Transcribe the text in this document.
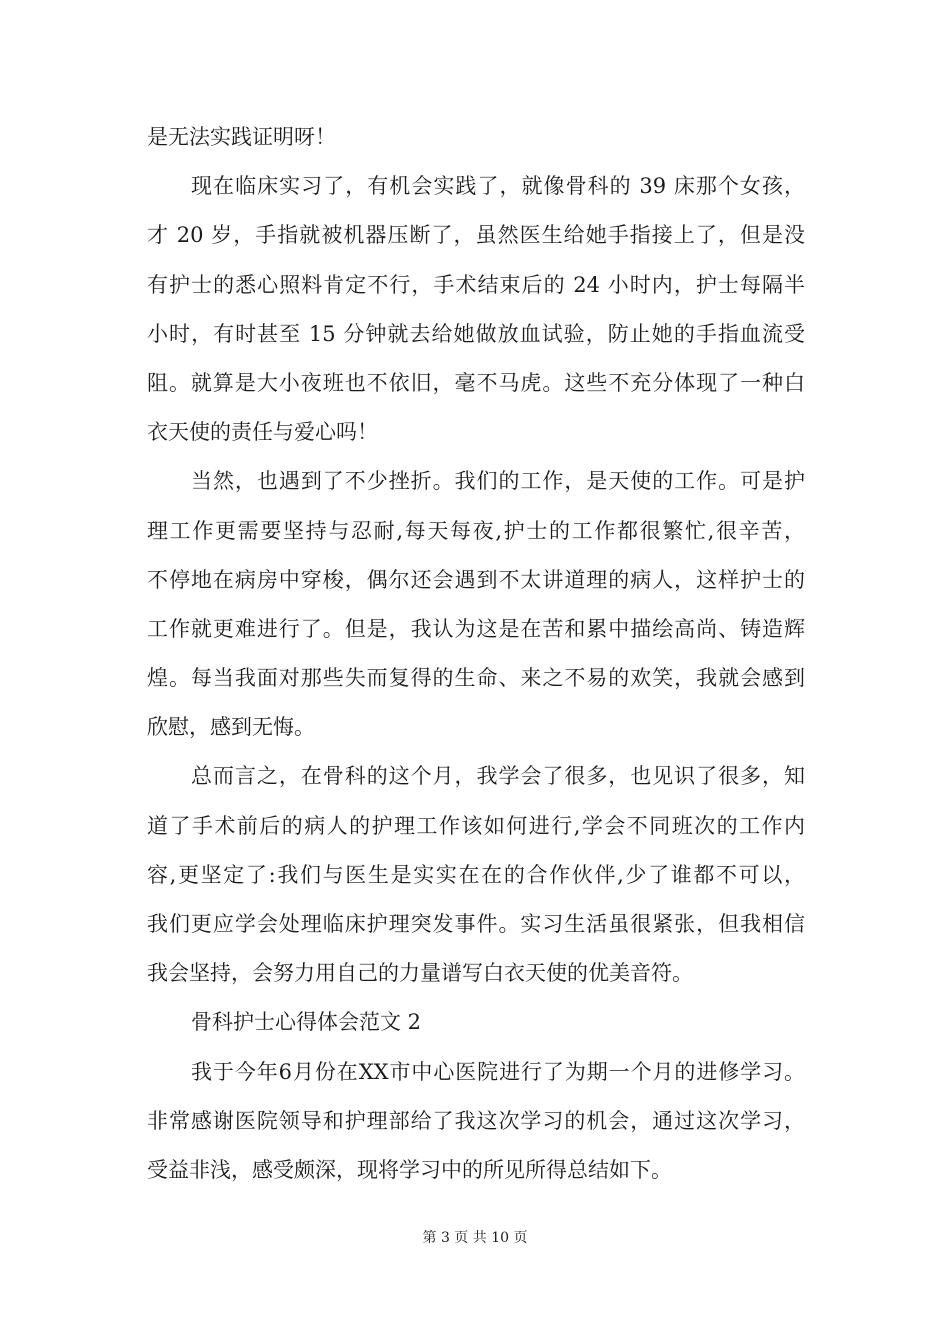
是无法实践证明呀！
现在临床实习了，有机会实践了，就像骨科的 39 床那个女孩，
才 20 岁，手指就被机器压断了，虽然医生给她手指接上了，但是没
有护士的悉心照料肯定不行，手术结束后的 24 小时内，护士每隔半
小时，有时甚至 15 分钟就去给她做放血试验，防止她的手指血流受
阻。就算是大小夜班也不依旧，毫不马虎。这些不充分体现了一种白
衣天使的责任与爱心吗！
当然，也遇到了不少挫折。我们的工作，是天使的工作。可是护
理工作更需要坚持与忍耐,每天每夜,护士的工作都很繁忙,很辛苦，
不停地在病房中穿梭，偶尔还会遇到不太讲道理的病人，这样护士的
工作就更难进行了。但是，我认为这是在苦和累中描绘高尚、铸造辉
煌。每当我面对那些失而复得的生命、来之不易的欢笑，我就会感到
欣慰，感到无悔。
总而言之，在骨科的这个月，我学会了很多，也见识了很多，知
道了手术前后的病人的护理工作该如何进行,学会不同班次的工作内
容,更坚定了:我们与医生是实实在在的合作伙伴,少了谁都不可以，
我们更应学会处理临床护理突发事件。实习生活虽很紧张，但我相信
我会坚持，会努力用自己的力量谱写白衣天使的优美音符。
骨科护士心得体会范文 2
我于今年6月份在XX市中心医院进行了为期一个月的进修学习。
非常感谢医院领导和护理部给了我这次学习的机会，通过这次学习，
受益非浅，感受颇深，现将学习中的所见所得总结如下。
第 3 页 共 10 页
